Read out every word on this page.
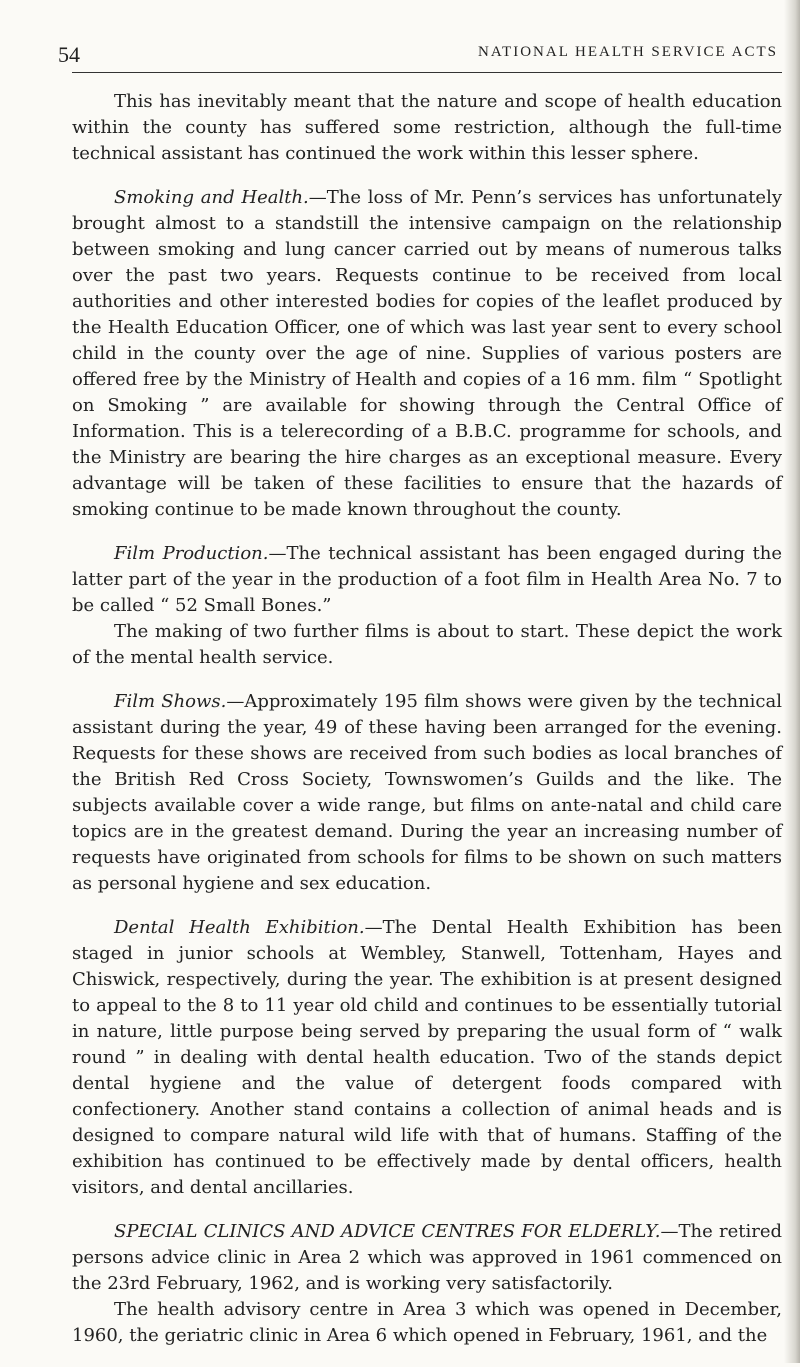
54	NATIONAL HEALTH SERVICE ACTS

This has inevitably meant that the nature and scope of health education within the county has suffered some restriction, although the full-time technical assistant has continued the work within this lesser sphere.

Smoking and Health.—The loss of Mr. Penn’s services has unfortunately brought almost to a standstill the intensive campaign on the relationship between smoking and lung cancer carried out by means of numerous talks over the past two years. Requests continue to be received from local authorities and other interested bodies for copies of the leaflet produced by the Health Education Officer, one of which was last year sent to every school child in the county over the age of nine. Supplies of various posters are offered free by the Ministry of Health and copies of a 16 mm. film “ Spotlight on Smoking ” are available for showing through the Central Office of Information. This is a telerecording of a B.B.C. programme for schools, and the Ministry are bearing the hire charges as an exceptional measure. Every advantage will be taken of these facilities to ensure that the hazards of smoking continue to be made known throughout the county.

Film Production.—The technical assistant has been engaged during the latter part of the year in the production of a foot film in Health Area No. 7 to be called “ 52 Small Bones.”

The making of two further films is about to start. These depict the work of the mental health service.

Film Shows.—Approximately 195 film shows were given by the technical assistant during the year, 49 of these having been arranged for the evening. Requests for these shows are received from such bodies as local branches of the British Red Cross Society, Townswomen’s Guilds and the like. The subjects available cover a wide range, but films on ante-natal and child care topics are in the greatest demand. During the year an increasing number of requests have originated from schools for films to be shown on such matters as personal hygiene and sex education.

Dental Health Exhibition.—The Dental Health Exhibition has been staged in junior schools at Wembley, Stanwell, Tottenham, Hayes and Chiswick, respectively, during the year. The exhibition is at present designed to appeal to the 8 to 11 year old child and continues to be essentially tutorial in nature, little purpose being served by preparing the usual form of “ walk round ” in dealing with dental health education. Two of the stands depict dental hygiene and the value of detergent foods compared with confectionery. Another stand contains a collection of animal heads and is designed to compare natural wild life with that of humans. Staffing of the exhibition has continued to be effectively made by dental officers, health visitors, and dental ancillaries.

SPECIAL CLINICS AND ADVICE CENTRES FOR ELDERLY.—The retired persons advice clinic in Area 2 which was approved in 1961 commenced on the 23rd February, 1962, and is working very satisfactorily.

The health advisory centre in Area 3 which was opened in December, 1960, the geriatric clinic in Area 6 which opened in February, 1961, and the
